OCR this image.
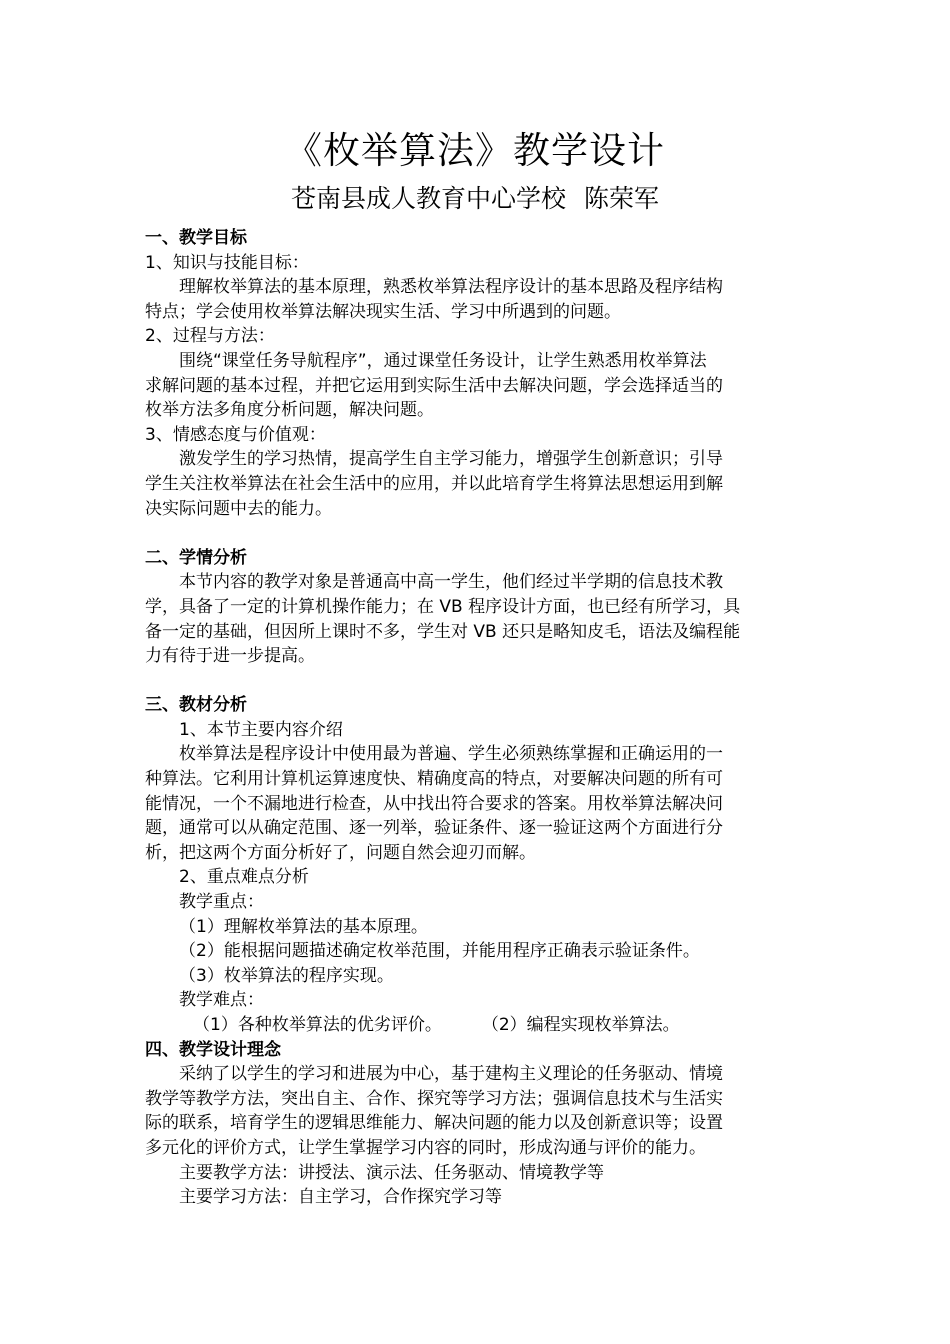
《枚举算法》教学设计
苍南县成人教育中心学校 陈荣军
一、教学目标
1、知识与技能目标：
理解枚举算法的基本原理，熟悉枚举算法程序设计的基本思路及程序结构
特点；学会使用枚举算法解决现实生活、学习中所遇到的问题。
2、过程与方法：
围绕“课堂任务导航程序”，通过课堂任务设计，让学生熟悉用枚举算法
求解问题的基本过程，并把它运用到实际生活中去解决问题，学会选择适当的
枚举方法多角度分析问题，解决问题。
3、情感态度与价值观：
激发学生的学习热情，提高学生自主学习能力，增强学生创新意识；引导
学生关注枚举算法在社会生活中的应用，并以此培育学生将算法思想运用到解
决实际问题中去的能力。
二、学情分析
本节内容的教学对象是普通高中高一学生，他们经过半学期的信息技术教
学，具备了一定的计算机操作能力；在 VB 程序设计方面，也已经有所学习，具
备一定的基础，但因所上课时不多，学生对 VB 还只是略知皮毛，语法及编程能
力有待于进一步提高。
三、教材分析
1、本节主要内容介绍
枚举算法是程序设计中使用最为普遍、学生必须熟练掌握和正确运用的一
种算法。它利用计算机运算速度快、精确度高的特点，对要解决问题的所有可
能情况，一个不漏地进行检查，从中找出符合要求的答案。用枚举算法解决问
题，通常可以从确定范围、逐一列举，验证条件、逐一验证这两个方面进行分
析，把这两个方面分析好了，问题自然会迎刃而解。
2、重点难点分析
教学重点：
（1）理解枚举算法的基本原理。
（2）能根据问题描述确定枚举范围，并能用程序正确表示验证条件。
（3）枚举算法的程序实现。
教学难点：
（1）各种枚举算法的优劣评价。 （2）编程实现枚举算法。
四、教学设计理念
采纳了以学生的学习和进展为中心，基于建构主义理论的任务驱动、情境
教学等教学方法，突出自主、合作、探究等学习方法；强调信息技术与生活实
际的联系，培育学生的逻辑思维能力、解决问题的能力以及创新意识等；设置
多元化的评价方式，让学生掌握学习内容的同时，形成沟通与评价的能力。
主要教学方法：讲授法、演示法、任务驱动、情境教学等
主要学习方法：自主学习，合作探究学习等
